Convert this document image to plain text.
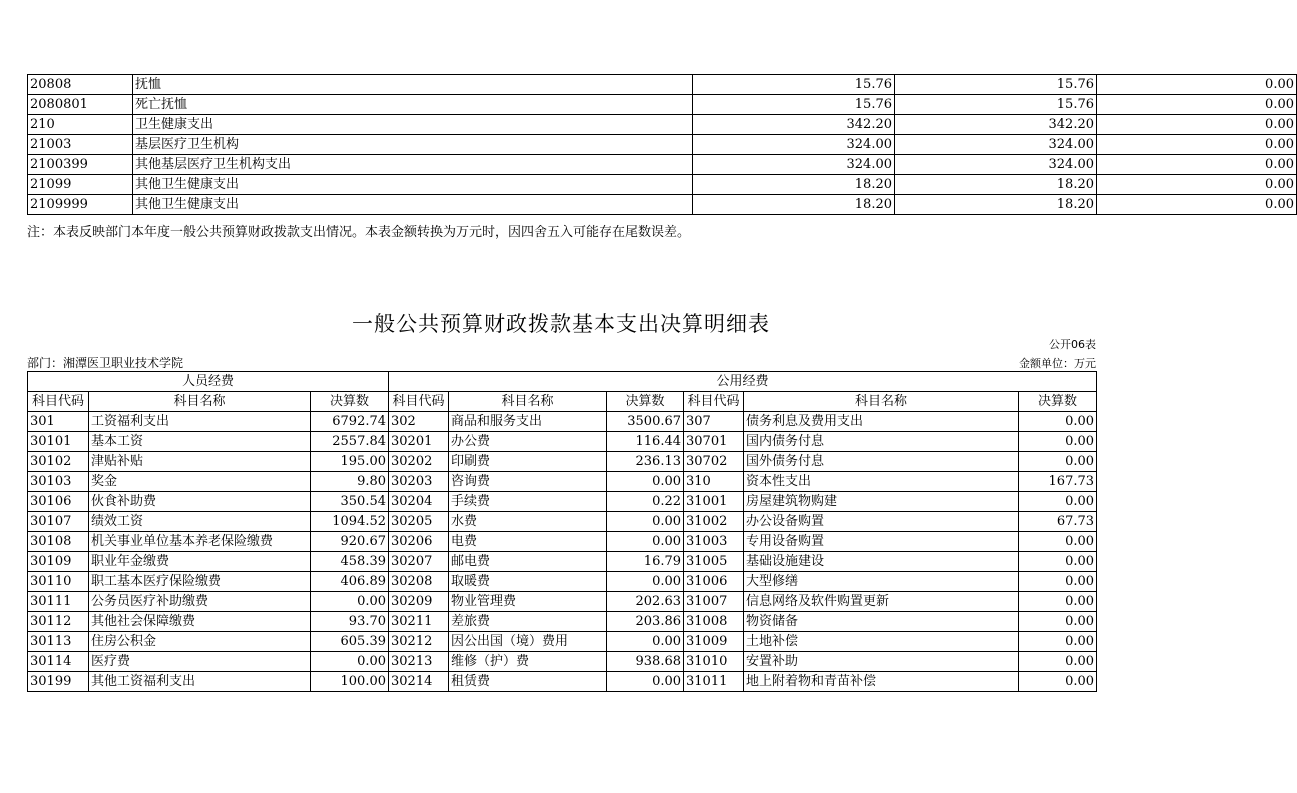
20808	抚恤	15.76	15.76	0.00
2080801	死亡抚恤	15.76	15.76	0.00
210	卫生健康支出	342.20	342.20	0.00
21003	基层医疗卫生机构	324.00	324.00	0.00
2100399	其他基层医疗卫生机构支出	324.00	324.00	0.00
21099	其他卫生健康支出	18.20	18.20	0.00
2109999	其他卫生健康支出	18.20	18.20	0.00
注：本表反映部门本年度一般公共预算财政拨款支出情况。本表金额转换为万元时，因四舍五入可能存在尾数误差。
一般公共预算财政拨款基本支出决算明细表
公开06表
部门：湘潭医卫职业技术学院	金额单位：万元
人员经费			公用经费					
科目代码	科目名称	决算数	科目代码	科目名称	决算数	科目代码	科目名称	决算数
301	工资福利支出	6792.74	302	商品和服务支出	3500.67	307	债务利息及费用支出	0.00
30101	基本工资	2557.84	30201	办公费	116.44	30701	国内债务付息	0.00
30102	津贴补贴	195.00	30202	印刷费	236.13	30702	国外债务付息	0.00
30103	奖金	9.80	30203	咨询费	0.00	310	资本性支出	167.73
30106	伙食补助费	350.54	30204	手续费	0.22	31001	房屋建筑物购建	0.00
30107	绩效工资	1094.52	30205	水费	0.00	31002	办公设备购置	67.73
30108	机关事业单位基本养老保险缴费	920.67	30206	电费	0.00	31003	专用设备购置	0.00
30109	职业年金缴费	458.39	30207	邮电费	16.79	31005	基础设施建设	0.00
30110	职工基本医疗保险缴费	406.89	30208	取暖费	0.00	31006	大型修缮	0.00
30111	公务员医疗补助缴费	0.00	30209	物业管理费	202.63	31007	信息网络及软件购置更新	0.00
30112	其他社会保障缴费	93.70	30211	差旅费	203.86	31008	物资储备	0.00
30113	住房公积金	605.39	30212	因公出国（境）费用	0.00	31009	土地补偿	0.00
30114	医疗费	0.00	30213	维修（护）费	938.68	31010	安置补助	0.00
30199	其他工资福利支出	100.00	30214	租赁费	0.00	31011	地上附着物和青苗补偿	0.00
